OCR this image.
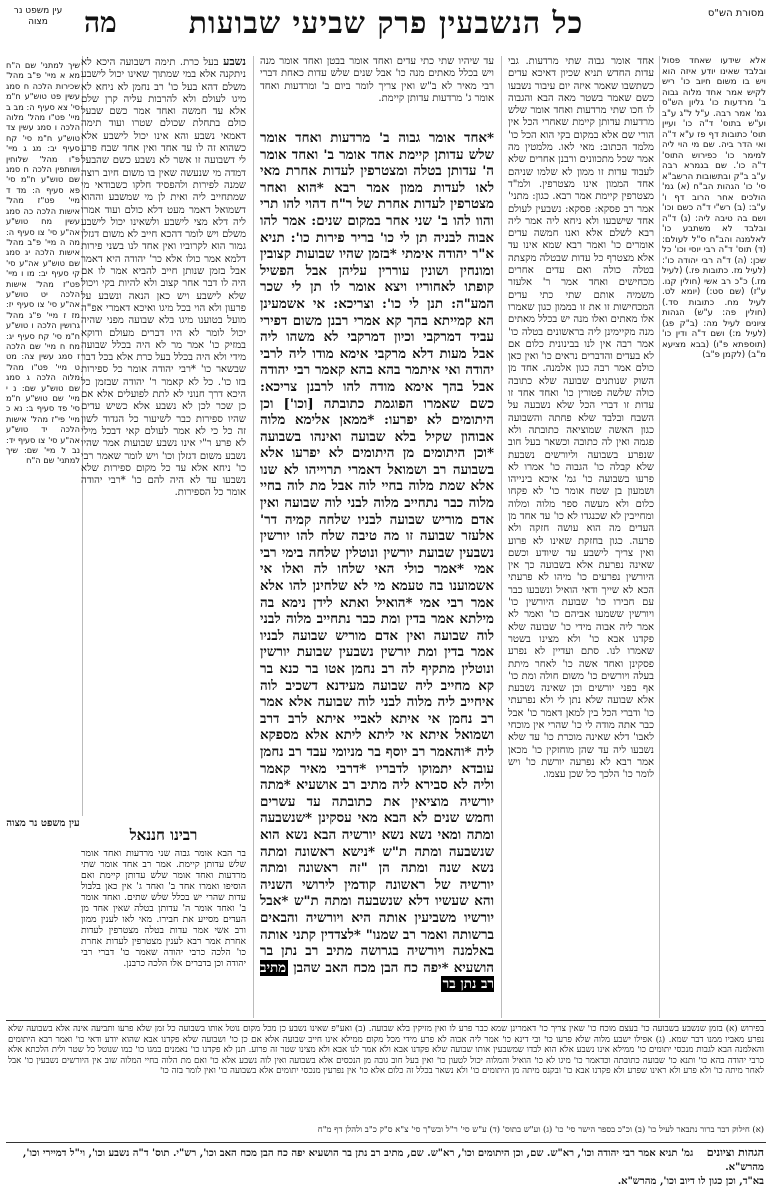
מסורת הש"ס
כל הנשבעין פרק שביעי שבועות
מה
עין משפט נר מצוה
אלא שידעו שאחד פסול ובלבד שאינו יודע איזה הוא ויש בו משום חיוב כו' ריש לקיש אמר אחד מלוה גבוה ב' מרדעות כו' גליון הש"ס גמ' אמר רבה. ע"ל ל"ג ע"ב וע"ש בתוס' ד"ה כו' ועיין תוס' כתובות דף פז ע"א ד"ה ואי הדר ביה. שם מי הוי ליה למימר כו' כפירוש התוס' ד"ה כו'. שם בגמרא רבה ע"ב ב"ק ובתשובות הרשב"א סי' כו' הגהות הב"ח (א) גמ' הולכים אחר הרוב דף ו' ע"ב: (ב) רש"י ד"ה כשם וכו' ושם בה טיבה ליה: (ג) ד"ה ובלבד לא משתבע כו' לאלמנה והב"ח ס"ל לעולם: (ד) תוס' ד"ה רבי יוסי וכו' כל שכן: (ה) ד"ה רבי יהודה כו': (לעיל מז. כתובות פז.) (לעיל מז.) כ"כ רב אשי (חולין קנו. ע"ז) (שם סט:) (יומא לט. לעיל מח. כתובות סד.) (חולין פה: ע"ש) הגהות ציונים לעיל מה: (ב"ק פג) (לעיל מ:) ושם ד"ה ודין כו' (תוספתא פ"ו) (בבא מציעא מ"ב) (לקמן פ"ב)
אחד אומר גבוה שתי מרדעות. גבי עדות החדש תניא שכיון דאיכא עדים כשתשבו שאמר איזה יום עיבור נשבעו כשם שאמר בשטר מאה הבא והגבוה לו חכו שתי מרדעות ואחד אומר שלש מרדעות עדותן קיימת שאחרי הכל אין הורי שם אלא במקום בקי הוא הכל כו' מלמד הכתוב: מאי לאו. מלמטין מה אמר שכל מתכוונים ורבנן אחרים שלא לעבוד עדות זו ממון לא שלמו שניהם אחד הממון אינו מצטרפין. ולמ"ד מצטרפין קיימת אמר רבא. כגון: מתני' אמר רב פסקא: פסקא: נשבעין לעולם אחד שישבעו ולא ניחא ליה אמר ליה רבא לשלם אלא ואנו חמשה עדים אומרים כו' ואמר רבא שמא אינו עד אלא מצטרף כל עדות שבטלה מקצתה בטלה כולה ואם עדים אחרים מכחישים ואחד אמר ר' אלעזר משמיה אותם שתי כתי עדים המכחישות זו את זו בממון כגון שאמרו אלו מאתים ואלו מנה יש בכלל מאתים מנה מקיימינן ליה בראשונים בטלה כו' אמר רבה אין לנו בבינונית כלום אם לא בעדים והדברים נראים כו' ואין כאן כולם אמר רבה כגון אלמנה. אחד מן השוק שנותנים שבועה שלא כתובה כולה שלשה פטורין כו' ואחד אחד זו עדות זו דברי הכל שלא נשבעה על השבח ובלבד שלא פחתה והשבועה כגון האשה שמוציאה כתובתה ולא פגמה ואין לה כתובה וכשאר בעל חוב שנפרע בשבועה וליורשים נשבעת שלא קבלה כו' הגבוה כו' אמרו לא פרעו בשבועה כו' גמ' איכא בינייהו ושמעון בן שטח אומר כו' לא פקחו כלום ולא מעשה ספר מלוה ומלוה ומחייבין לא שכנגדו לא כו' עד אחד מן העדים מה הוא עושה חזקה ולא פרעה. כגון בחזקת שאינו לא פרוע ואין צריך לישבע עד שיודע וכשם שאינה נפרעת אלא בשבועה כך אין היורשין נפרעים כו' מיהו לא פרעתי הכא לא שייך ודאי הואיל ונשבעו כבר עם חבירו כו' שבועת היורשין כו' ויורשין ששמעו אביהם כו' ואמר לא אמר ליה אבוה מידי כו' שבועה שלא פקדנו אבא כו' ולא מצינו בשטר שאמרו לנו. סתם ועדיין לא נפרע פסקינן ואחד אשה כו' לאחר מיתת בעלה ויורשים כו' משום חולה ומת כו' אף בפני יורשים וכן שאינה נשבעת אלא שבועה שלא נתן לי ולא נפרעתי כו' ודברי הכל בין למאן דאמר כו' אבל כבר אתה מודה לי כו' שהרי אין מוכחי לאבו' דלא שאינה מוכרת כו' עד שלא נשבעו ליה עד שהן מוחזקין כו' מכאן אמר רבא לא נפרעה יורשת כו' ויש לומר כו' הלכך כל שכן עצמו.
עד שיהיו שתי כתי עדים ואחד אומר בבטן ואחד אומר מנה ויש בכלל מאתים מנה כו' אבל שנים שלש עדות כאחת דברי רבי מאיר לא ב"ש ואין צריך לומר ביום ב' ומרדעות ואחד אומר ג' מרדעות עדותן קיימת.
*אחד אומר גבוה ב' מרדעות ואחד אומר שלש עדותן קיימת אחד אומר ב' ואחד אומר ה' עדותן בטלה ומצטרפין לעדות אחרת מאי לאו לעדות ממון אמר רבא *הוא ואחר מצטרפין לעדות אחרת של ר"ח דהוי להו תרי והוו להו ב' שני אחר במקום שנים: אמר להו אבוה לבניה תן לי כו' בריר פירות כו': תניא א"ר יהודה אימתי *בזמן שהיו שבועות קצובין ומונחין ושונין עוררין עליהן אבל הפשיל קופתו לאחוריו ויצא אומר לו תן לי שכר המע"ה: תנן לי כו': וצריכא: אי אשמעינן הא קמייתא בהך קא אמרי רבנן משום דפירי עביד דמרקבי וכיון דמרקבי לא משהו ליה אבל מעות דלא מרקבי אימא מודו ליה לרבי יהודה ואי איתמר בהא בהא קאמר רבי יהודה אבל בהך אימא מודה להו לרבנן צריכא: כשם שאמרו הפוגמת כתובתה [וכו'] וכן היתומים לא יפרעו: *ממאן אלימא מלוה אבוהון שקיל בלא שבועה ואינהו בשבועה *וכן היתומים מן היתומים לא יפרעו אלא בשבועה רב ושמואל דאמרי תרוייהו לא שנו אלא שמת מלוה בחיי לוה אבל מת לוה בחיי מלוה כבר נתחייב מלוה לבני לוה שבועה ואין אדם מוריש שבועה לבניו שלחה קמיה דר' אלעזר שבועה זו מה טיבה שלח להו יורשין נשבעין שבועת יורשין ונוטלין שלחה בימי רבי אמי *אמר כולי האי שלחו לה ואלו אי אשמוענו בה טעמא מי לא שלחינן להו אלא אמר רבי אמי *הואיל ואתא לידן נימא בה מילתא אמר בדין ומת כבר נתחייב מלוה לבני לוה שבועה ואין אדם מוריש שבועה לבניו אמר בדין ומת יורשין נשבעין שבועת יורשין ונוטלין מתקיף לה רב נחמן אטו בר כנא בר קא מחייב ליה שבועה מעידנא דשכיב לוה איחייב ליה מלוה לבני לוה שבועה אלא אמר רב נחמן אי איתא לאביי איתא לרב דרב ושמואל איתא אי ליתא ליתא אלא מספקא ליה *והאמר רב יוסף בר מניומי עבד רב נחמן עובדא יתמוקו לדבריו *דרבי מאיר קאמר וליה לא סבירא ליה מתיב רב אושעיא *מתה יורשיה מוציאין את כתובתה עד עשרים וחמש שנים לא הבא מאי עסקינן *שנשבעה ומתה ומאי נשא נשא יורשיה הבא נשא הוא שנשבעה ומתה ת"ש *נישא ראשונה ומתה נשא שנה ומתה הן "זה ראשונה ומתה יורשיה של ראשונה קודמין לירושי השניה והא שעשיו דלא שנשבעה ומתה ת"ש *אבל יורשיו משביעין אותה היא ויורשיה והבאים ברשותה ואמר רב שמנו" *לצדדין קתני אותה באלמנה ויורשיה בגרושה מתיב רב נתן בר הושעיא *יפה כח הבן מכח האב שהבן מתיב רב נתן בר
נשבע בעל כרת. תימה דשבועה היכא לא ניתקנה אלא במי שמתוך שאינו יכול לישבע משלם דהא בעל כו' רב נחמן לא ניחא לא מיגו לעולם ולא להרבות עליה קרן שלם אלא עד חמשה ואחד אמר כשם שבעל כולם בתחלת שכולם שטרו ועוד תימה דאמאי נשבע והא אינו יכול לישבע אלא כשהוא זה לו עד אחד ואין אחד שבח פרע לי דשבועה זו אשר לא נשבע כשם שהבעל דמדה מי שנעשה שאין בו משום חיוב רוצה שמנה לפירות ולהפסיד חלקו כשבודאי מי שמתחייב ליה ואית לן מי שמשבע וההוא דשמואל דאמר מעט דלא כולם ועוד אמרו ליה דלא מצי לישבע ולשאינו יכול לישבע משלם ויש לומר דהכא חייב לא משום דגזלן גמור הוא לקרוביו ואין אחד לנו בשני פירות דלמא אמר כולו אלא כר' יהודה היא דאמר אבל בזמן שנותן חייב להביא אמר לו אם היה לו דבר אחר קצוב ולא להיות בקי ויכול שלא לישבע ויש כאן הנאה ונשבע על פרעון ולא הוי בכל מיגו ואיכא דאמרי אפ"ה מועל בטוענו מיגו בלא שבועה מפני שהיה יכול לומר לא היו דברים מעולם ודוקא במזיק כו' אמר מר לא היה בכלל שבועה מידי ולא היה בכלל בעל כרת אלא בכל דבר שבשאר כו' *רבי יהודה אומר כל ספירות בזו כו'. כל לא קאמר ר' יהודה שבזמן כל היכא דרך חנוני לא לתת לפועלים אלא אם כן שכר לכן לא נשבע אלא כשיש עדים שהיו ספירות כבר לשיעור כל הגדוד לשון זה כל כי לא אמר לעולם קאי דבכל מילי לא פרע ר"י אינו נשבע שבועות אמר שהיו נשבע משום דגזלן וכו' ויש לומר שאמר רבי כו' ניחא אלא עד כל מקום ספירות שלא נשבעו עד לא היה להם כו' *רבי יהודה אומר כל הספירות.
רבינו חננאל
בר הבא אומר גבוה שני מרדעות ואחד אומר שלש עדותן קיימת. אמר רב אחד אומר שתי מרדעות ואחד אומר שלש עדותן קיימת ואם הוסיפו ואמרו אחד ב' ואחד ג' אין כאן בלבול עדות שהרי יש בכלל שלש שתים. ואחד אומר ב' ואחד אומר ה' עדותן בטלה שאין אחד מן העדים מסייע את חבירו. מאי לאו לענין ממון ורב אשי אמר עדות בטלה מצטרפין לעדות אחרת אמר רבא לענין מצטרפין לעדות אחרת כו' הלכה כרבי יהודה שאמר כו' דברי רבי יהודה וכן בדברים אלו הלכה כרבנן.
שיך למתני' שם ה"ח מא א מיי' פ"ב מהל' שכירות הלכה ח סמג עשין פט טוש"ע ח"מ סי' צא סעיף ה: מב ב מיי' פט"ו מהל' מלוה הלכה ו סמג עשין צד טוש"ע ח"מ סי' קח סעיף יב: מג ג מיי' פ"ו מהל' שלוחין ושותפין הלכה ח סמג שם טוש"ע ח"מ סי' פא סעיף ה: מד ד מיי' פט"ז מהל' אישות הלכה כה סמג עשין מח טוש"ע אה"ע סי' צו סעיף ה: מה ה מיי' פ"ב מהל' אישות הלכה יג סמג שם טוש"ע אה"ע סי' קי סעיף יב: מו ו מיי' פט"ז מהל' אישות הלכה יט טוש"ע אה"ע סי' צו סעיף יז: מז ז מיי' פ"ג מהל' גרושין הלכה ו טוש"ע ח"מ סי' קח סעיף יג: מח ח מיי' שם הלכה ז סמג עשין צה: מט ט מיי' פט"ו מהל' מלוה הלכה ג סמג שם טוש"ע שם: נ י מיי' שם טוש"ע ח"מ סי' פד סעיף ב: נא כ מיי' פי"ז מהל' אישות הלכה יד טוש"ע אה"ע סי' צו סעיף יד: נב ל מיי' שם: שיך למתני' שם ה"ח
עין משפט נר מצוה
בפירוש (א) בזמן שנשבע בשבועה כו' בעצם מוכח כו' שאין צריך כו' דאמרינן שמא כבר פרע לו ואין מזיקין בלא שבועה. (ב) ואע"פ שאינו נשבע כן מכל מקום נוטל אותו בשבועה כל זמן שלא פרעו ותביעה אינה אלא בשבועה שלא נפרע מאביו ממנו דבר שמא. (ג) אפילו ישבע מלוה שלא פרעו כו' ובי דינא כו' אמר ליה אבוה לא פרע מידי מכל מקום ממילא אינו חייב שבועה אלא אם כן כו' ושבועה שלא פקדנו אבא שהוא יודע ודאי כו' ואמר רבא היתומים והאלמנה הבא לגבות מנכסי יתומים כו' ממילא אינו נשבע אלא הוא לבדו שמשבעין אותו שבועה שלא פקדנו אבא ולא אמר לנו אבא ולא מצינו שטר זה פרוע. תנן לא פקדנו כו' נאמנים במגו כו' כמו שנוטל כל שטר ולית הלכתא אלא כרבי יהודה בהא כו' ותנא כו' שבועה כתובתה וכדאמר כו' מיגו לא כו' הואיל והמלוה יכול לטעון כו' ואין בעל חוב גובה מן הנכסים אלא בשבועה ואין לוה נשבע אלא כו' ואם מת הלוה בחיי המלוה שוב אין היורשים נשבעין כו' אבל לאחר מיתה כו' ולא פרע ולא ראינו שפרע ולא פקדנו אבא כו' ובקנס מיתה מן היתומים כו' ולא נשאר בכלל זה כלום אלא כו' אין נפרעין מנכסי יתומים אלא בשבועה כו' ואין לומר בזה כו'
(א) חילוק דבר ברור נתבאר לעיל כו' (ב) וכ"כ בספר הישר סי' כו' (ג) וע"ש בתוס' (ד) ע"ש סי' ר"ל ובש"ך סי' צ"א ס"ק כ"ב ולהלן דף מ"ח
הגהות וציונים גמ' תניא אמר רבי יהודה וכו', רא"ש. שם, וכן היתומים וכו', רא"ש. שם, מתיב רב נתן בר הושעיא יפה כח הבן מכח האב וכו', רש"י. תוס' ד"ה נשבע וכו', וי"ל דמיירי וכו', מהרש"א.
בא"ד, וכן כגון לו דיוב וכו', מהרש"א.
